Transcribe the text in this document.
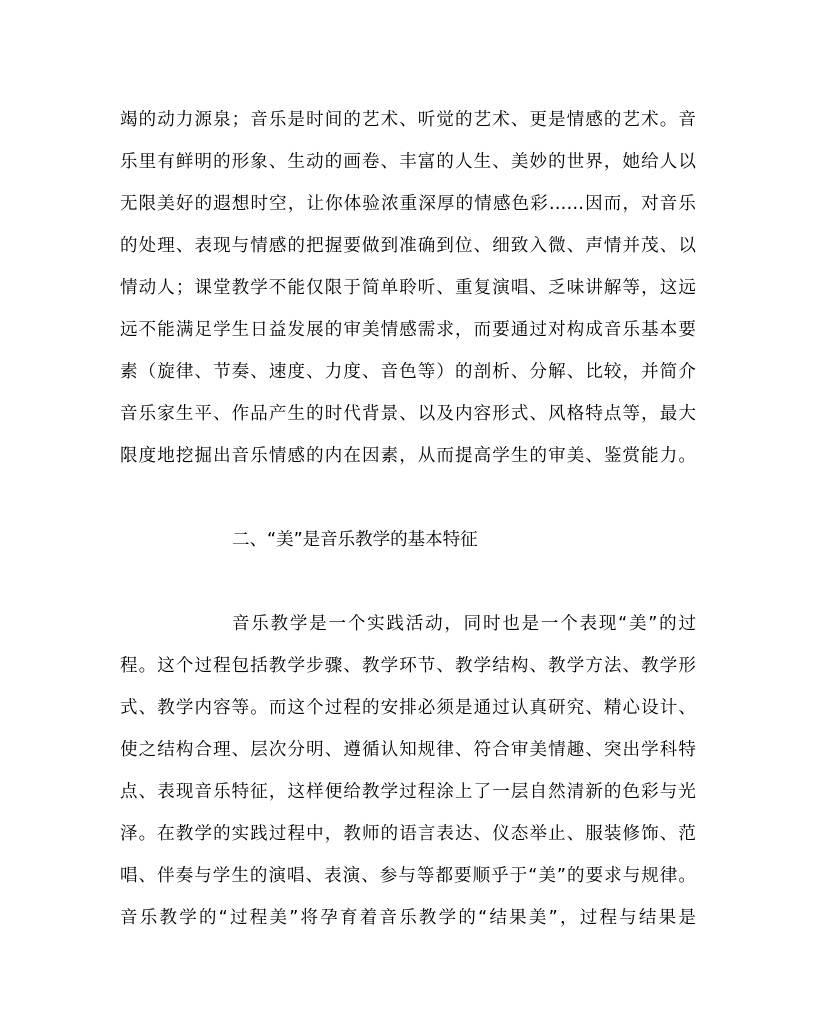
竭的动力源泉；音乐是时间的艺术、听觉的艺术、更是情感的艺术。音
乐里有鲜明的形象、生动的画卷、丰富的人生、美妙的世界，她给人以
无限美好的遐想时空，让你体验浓重深厚的情感色彩……因而，对音乐
的处理、表现与情感的把握要做到准确到位、细致入微、声情并茂、以
情动人；课堂教学不能仅限于简单聆听、重复演唱、乏味讲解等，这远
远不能满足学生日益发展的审美情感需求，而要通过对构成音乐基本要
素（旋律、节奏、速度、力度、音色等）的剖析、分解、比较，并简介
音乐家生平、作品产生的时代背景、以及内容形式、风格特点等，最大
限度地挖掘出音乐情感的内在因素，从而提高学生的审美、鉴赏能力。
二、“美”是音乐教学的基本特征
音乐教学是一个实践活动，同时也是一个表现“美”的过
程。这个过程包括教学步骤、教学环节、教学结构、教学方法、教学形
式、教学内容等。而这个过程的安排必须是通过认真研究、精心设计、
使之结构合理、层次分明、遵循认知规律、符合审美情趣、突出学科特
点、表现音乐特征，这样便给教学过程涂上了一层自然清新的色彩与光
泽。在教学的实践过程中，教师的语言表达、仪态举止、服装修饰、范
唱、伴奏与学生的演唱、表演、参与等都要顺乎于“美”的要求与规律。
音乐教学的“过程美”将孕育着音乐教学的“结果美”，过程与结果是
